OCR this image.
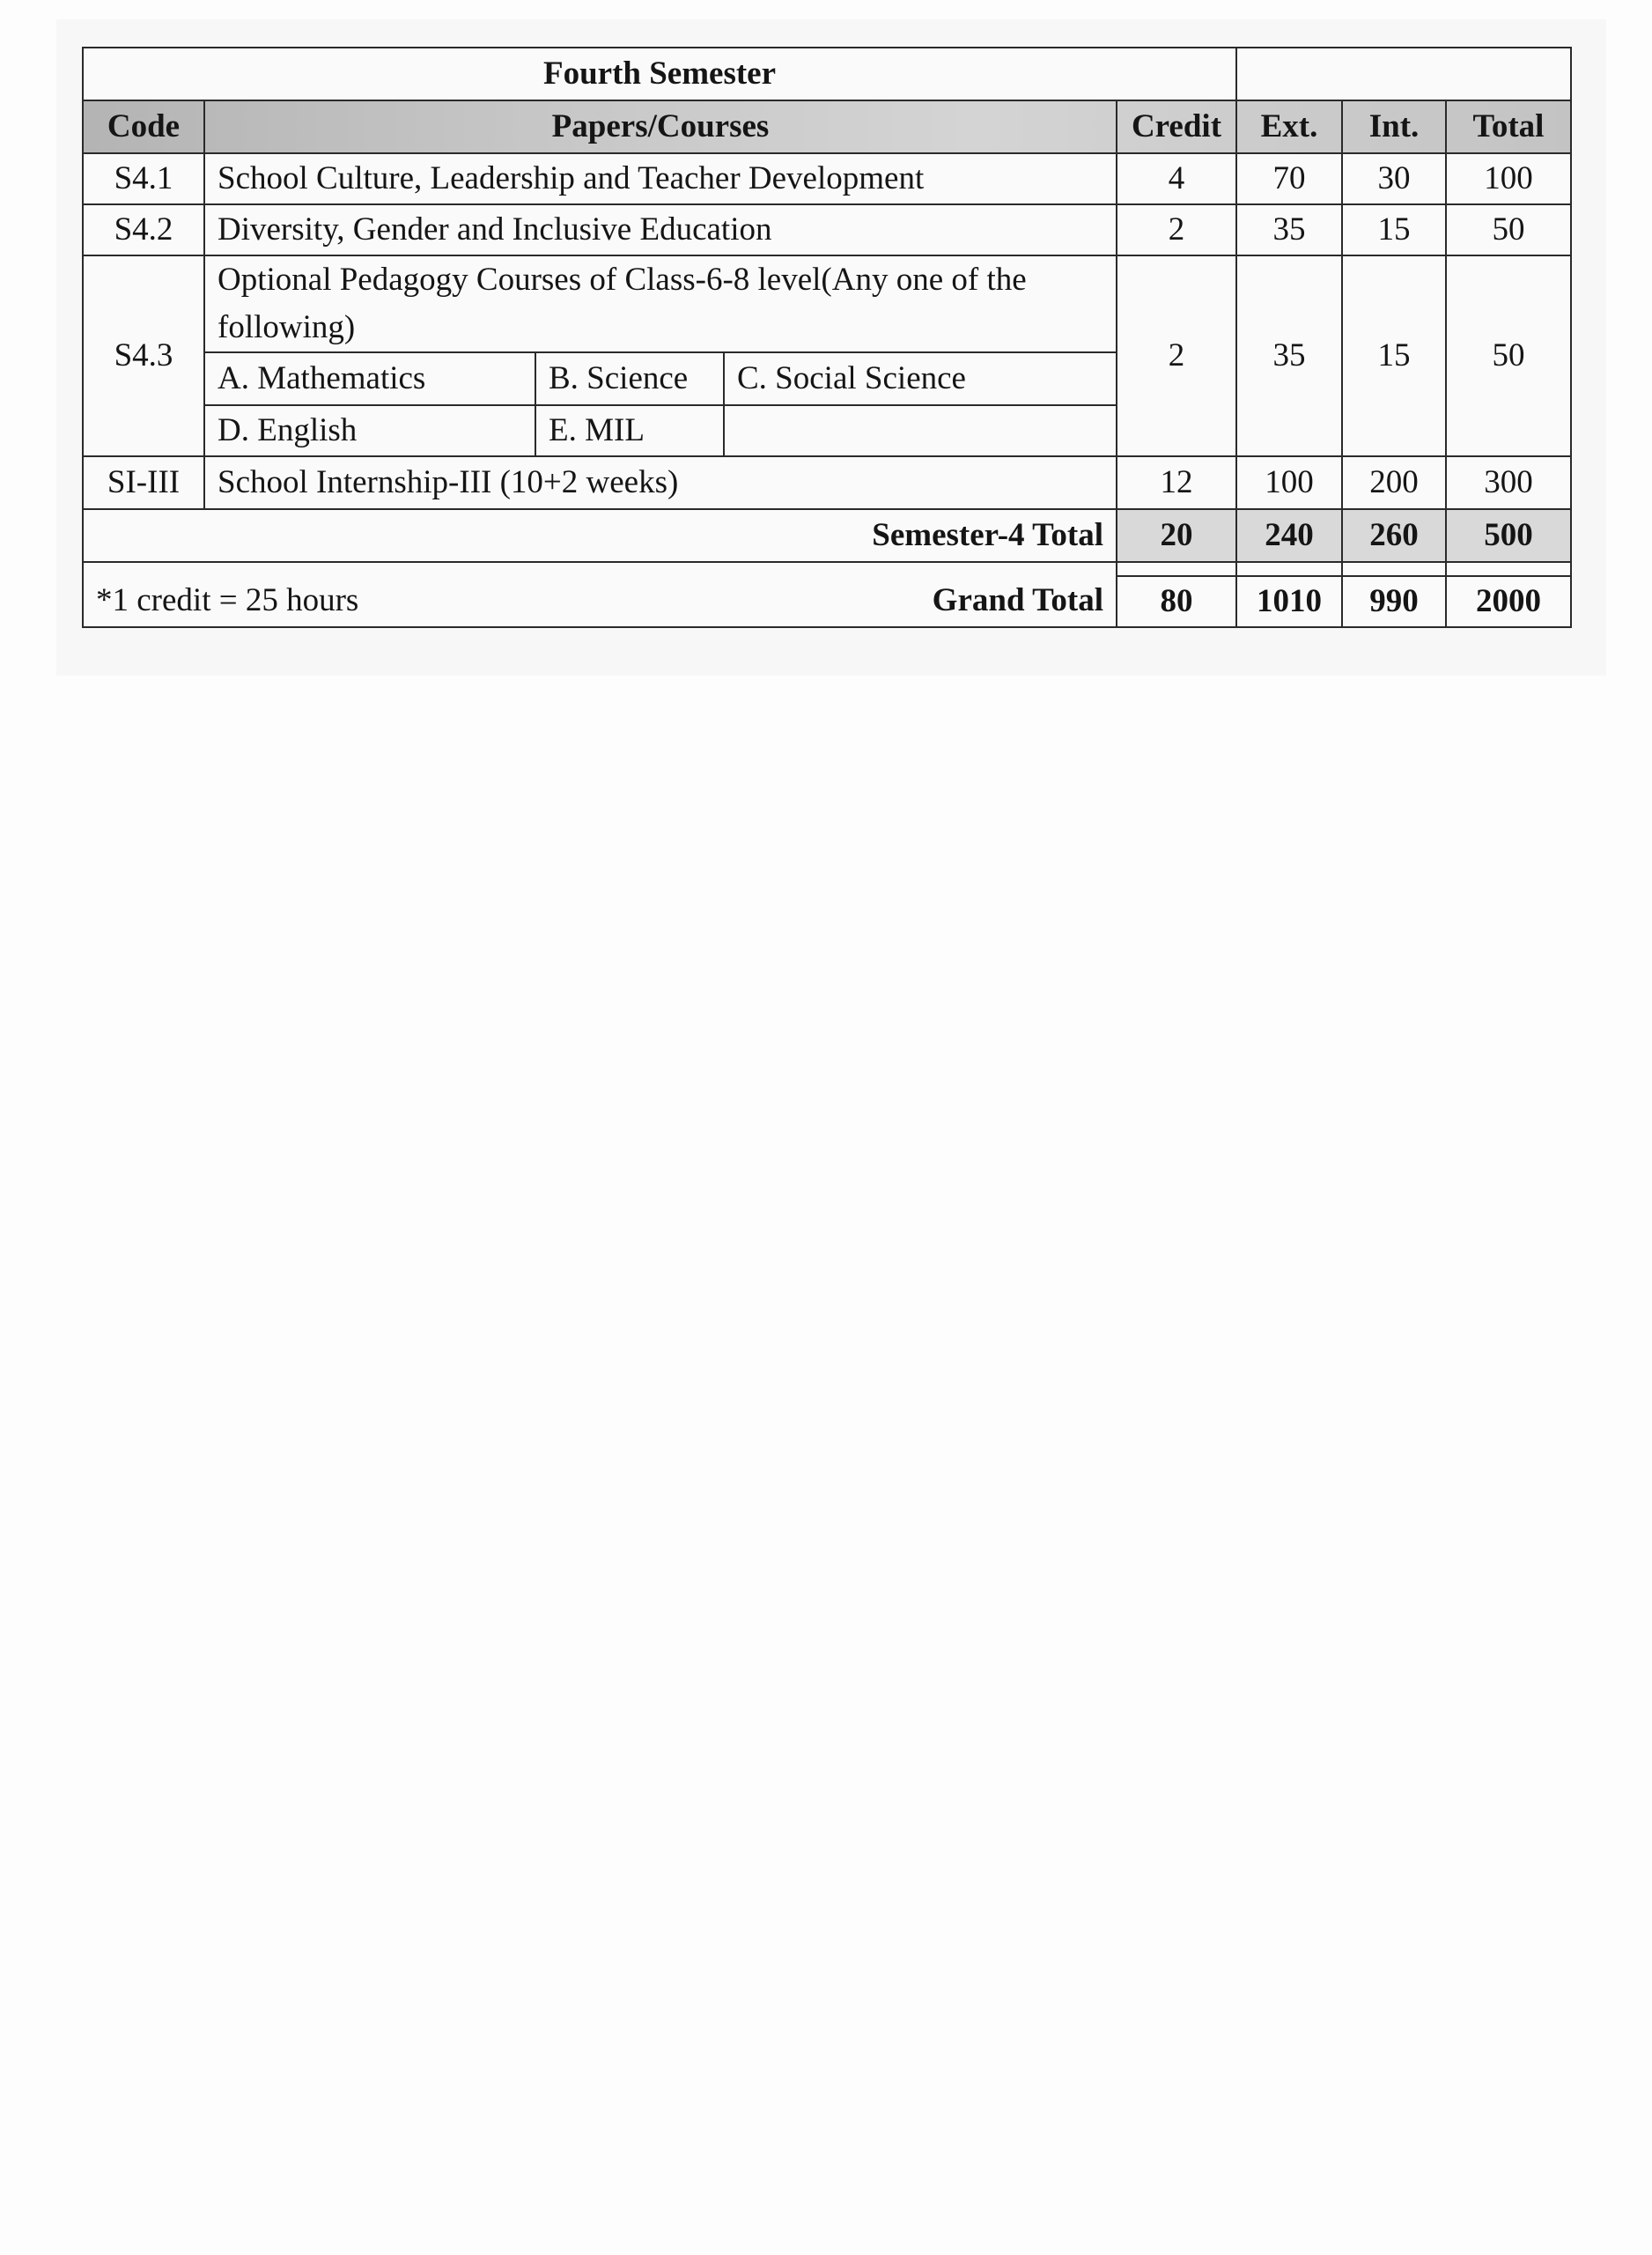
Fourth Semester							
Code	Papers/Courses			Credit	Ext.	Int.	Total
S4.1	School Culture, Leadership and Teacher Development			4	70	30	100
S4.2	Diversity, Gender and Inclusive Education			2	35	15	50
S4.3	Optional Pedagogy Courses of Class-6-8 level(Any one of the following)			2	35	15	50
	A. Mathematics	B. Science	C. Social Science				
	D. English	E. MIL					
SI-III	School Internship-III (10+2 weeks)			12	100	200	300
Semester-4 Total				20	240	260	500

*1 credit = 25 hours Grand Total				80	1010	990	2000
